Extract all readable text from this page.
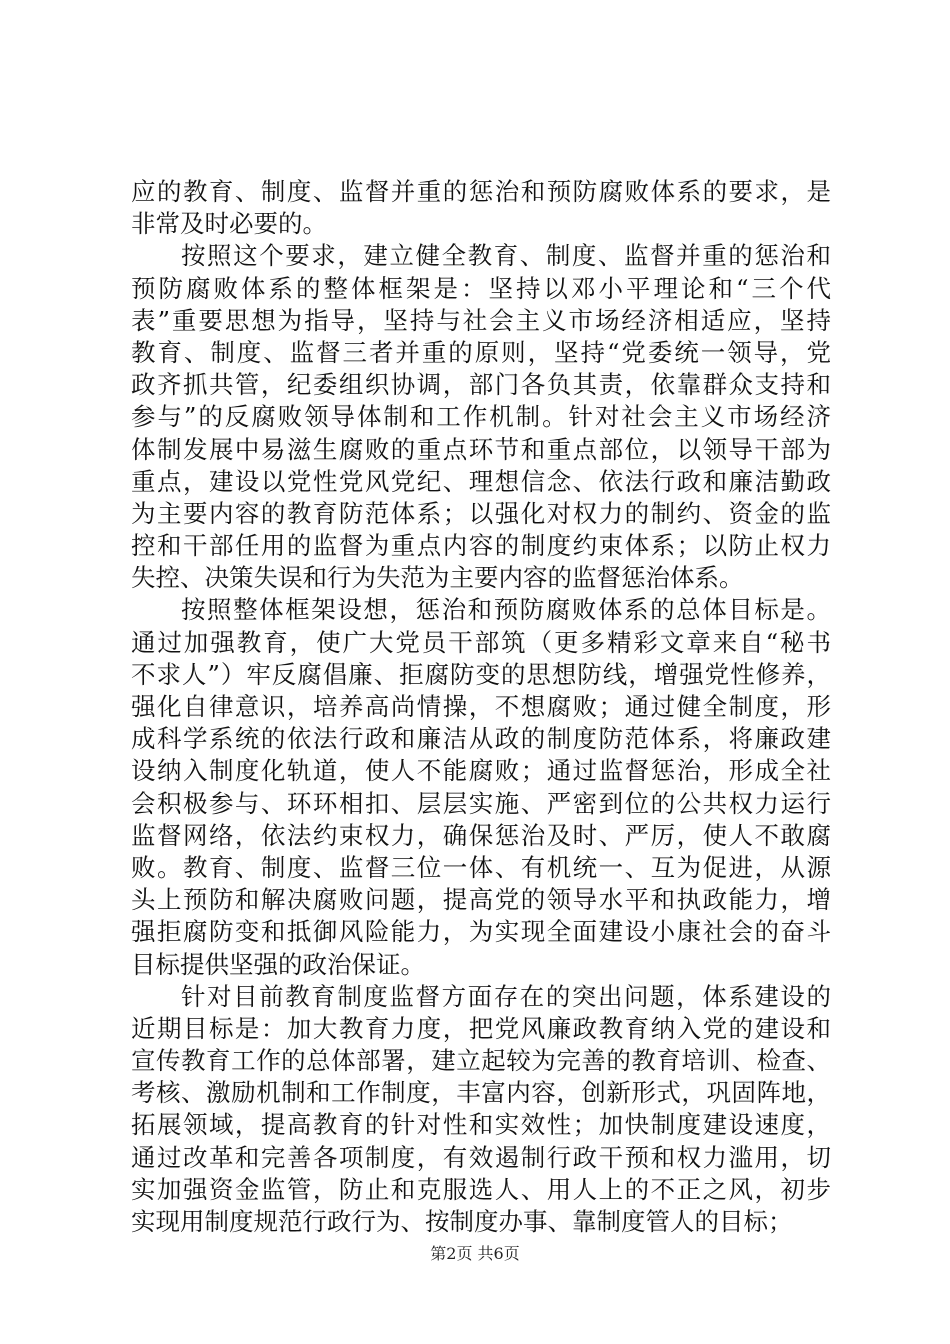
应的教育、制度、监督并重的惩治和预防腐败体系的要求，是
非常及时必要的。
按照这个要求，建立健全教育、制度、监督并重的惩治和
预防腐败体系的整体框架是：坚持以邓小平理论和“三个代
表”重要思想为指导，坚持与社会主义市场经济相适应，坚持
教育、制度、监督三者并重的原则，坚持“党委统一领导，党
政齐抓共管，纪委组织协调，部门各负其责，依靠群众支持和
参与”的反腐败领导体制和工作机制。针对社会主义市场经济
体制发展中易滋生腐败的重点环节和重点部位，以领导干部为
重点，建设以党性党风党纪、理想信念、依法行政和廉洁勤政
为主要内容的教育防范体系；以强化对权力的制约、资金的监
控和干部任用的监督为重点内容的制度约束体系；以防止权力
失控、决策失误和行为失范为主要内容的监督惩治体系。
按照整体框架设想，惩治和预防腐败体系的总体目标是。
通过加强教育，使广大党员干部筑（更多精彩文章来自“秘书
不求人”）牢反腐倡廉、拒腐防变的思想防线，增强党性修养，
强化自律意识，培养高尚情操，不想腐败；通过健全制度，形
成科学系统的依法行政和廉洁从政的制度防范体系，将廉政建
设纳入制度化轨道，使人不能腐败；通过监督惩治，形成全社
会积极参与、环环相扣、层层实施、严密到位的公共权力运行
监督网络，依法约束权力，确保惩治及时、严厉，使人不敢腐
败。教育、制度、监督三位一体、有机统一、互为促进，从源
头上预防和解决腐败问题，提高党的领导水平和执政能力，增
强拒腐防变和抵御风险能力，为实现全面建设小康社会的奋斗
目标提供坚强的政治保证。
针对目前教育制度监督方面存在的突出问题，体系建设的
近期目标是：加大教育力度，把党风廉政教育纳入党的建设和
宣传教育工作的总体部署，建立起较为完善的教育培训、检查、
考核、激励机制和工作制度，丰富内容，创新形式，巩固阵地，
拓展领域，提高教育的针对性和实效性；加快制度建设速度，
通过改革和完善各项制度，有效遏制行政干预和权力滥用，切
实加强资金监管，防止和克服选人、用人上的不正之风，初步
实现用制度规范行政行为、按制度办事、靠制度管人的目标；
第2页 共6页
